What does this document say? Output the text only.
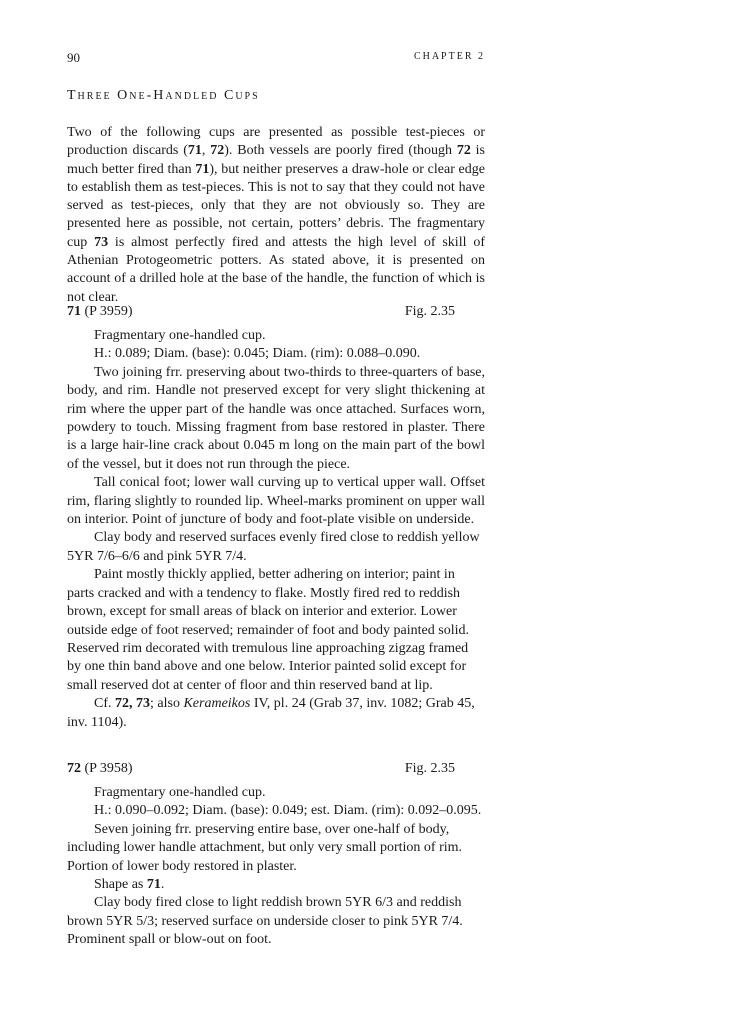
90	CHAPTER 2
Three One-Handled Cups

Two of the following cups are presented as possible test-pieces or production discards (71, 72). Both vessels are poorly fired (though 72 is much better fired than 71), but neither preserves a draw-hole or clear edge to establish them as test-pieces. This is not to say that they could not have served as test-pieces, only that they are not obviously so. They are presented here as possible, not certain, potters’ debris. The fragmentary cup 73 is almost perfectly fired and attests the high level of skill of Athenian Protogeometric potters. As stated above, it is presented on account of a drilled hole at the base of the handle, the function of which is not clear.

71 (P 3959)	Fig. 2.35

Fragmentary one-handled cup.

H.: 0.089; Diam. (base): 0.045; Diam. (rim): 0.088–0.090.

Two joining frr. preserving about two-thirds to three-quarters of base, body, and rim. Handle not preserved except for very slight thickening at rim where the upper part of the handle was once attached. Surfaces worn, powdery to touch. Missing fragment from base restored in plaster. There is a large hair-line crack about 0.045 m long on the main part of the bowl of the vessel, but it does not run through the piece.

Tall conical foot; lower wall curving up to vertical upper wall. Offset rim, flaring slightly to rounded lip. Wheel-marks prominent on upper wall on interior. Point of juncture of body and foot-plate visible on underside.

Clay body and reserved surfaces evenly fired close to reddish yellow 5YR 7/6–6/6 and pink 5YR 7/4.

Paint mostly thickly applied, better adhering on interior; paint in parts cracked and with a tendency to flake. Mostly fired red to reddish brown, except for small areas of black on interior and exterior. Lower outside edge of foot reserved; remainder of foot and body painted solid. Reserved rim decorated with tremulous line approaching zigzag framed by one thin band above and one below. Interior painted solid except for small reserved dot at center of floor and thin reserved band at lip.

Cf. 72, 73; also Kerameikos IV, pl. 24 (Grab 37, inv. 1082; Grab 45, inv. 1104).

72 (P 3958)	Fig. 2.35

Fragmentary one-handled cup.

H.: 0.090–0.092; Diam. (base): 0.049; est. Diam. (rim): 0.092–0.095.

Seven joining frr. preserving entire base, over one-half of body, including lower handle attachment, but only very small portion of rim. Portion of lower body restored in plaster.

Shape as 71.

Clay body fired close to light reddish brown 5YR 6/3 and reddish brown 5YR 5/3; reserved surface on underside closer to pink 5YR 7/4. Prominent spall or blow-out on foot.
